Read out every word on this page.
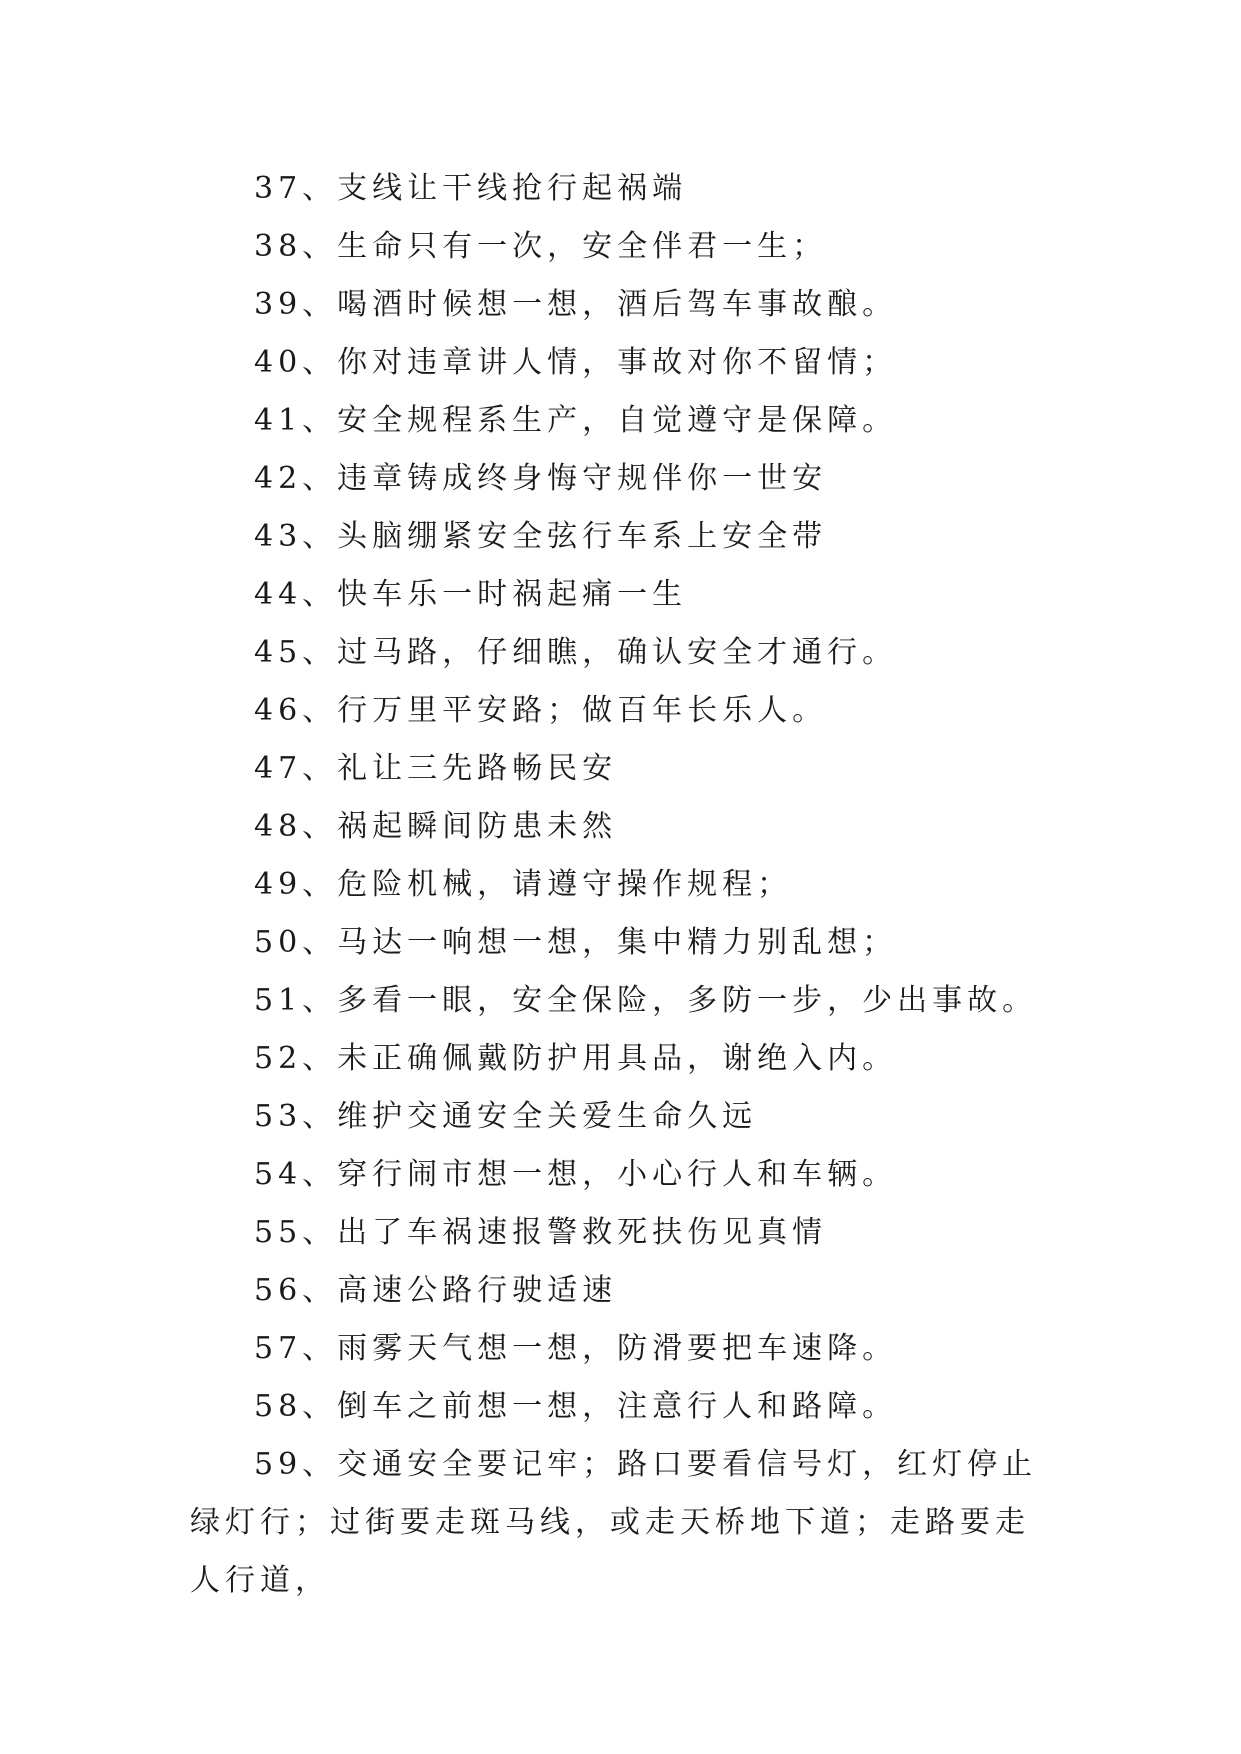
37、支线让干线抢行起祸端
38、生命只有一次，安全伴君一生；
39、喝酒时候想一想，酒后驾车事故酿。
40、你对违章讲人情，事故对你不留情；
41、安全规程系生产，自觉遵守是保障。
42、违章铸成终身悔守规伴你一世安
43、头脑绷紧安全弦行车系上安全带
44、快车乐一时祸起痛一生
45、过马路，仔细瞧，确认安全才通行。
46、行万里平安路；做百年长乐人。
47、礼让三先路畅民安
48、祸起瞬间防患未然
49、危险机械，请遵守操作规程；
50、马达一响想一想，集中精力别乱想；
51、多看一眼，安全保险，多防一步，少出事故。
52、未正确佩戴防护用具品，谢绝入内。
53、维护交通安全关爱生命久远
54、穿行闹市想一想，小心行人和车辆。
55、出了车祸速报警救死扶伤见真情
56、高速公路行驶适速
57、雨雾天气想一想，防滑要把车速降。
58、倒车之前想一想，注意行人和路障。

59、交通安全要记牢；路口要看信号灯，红灯停止绿灯行；过街要走斑马线，或走天桥地下道；走路要走人行道，
